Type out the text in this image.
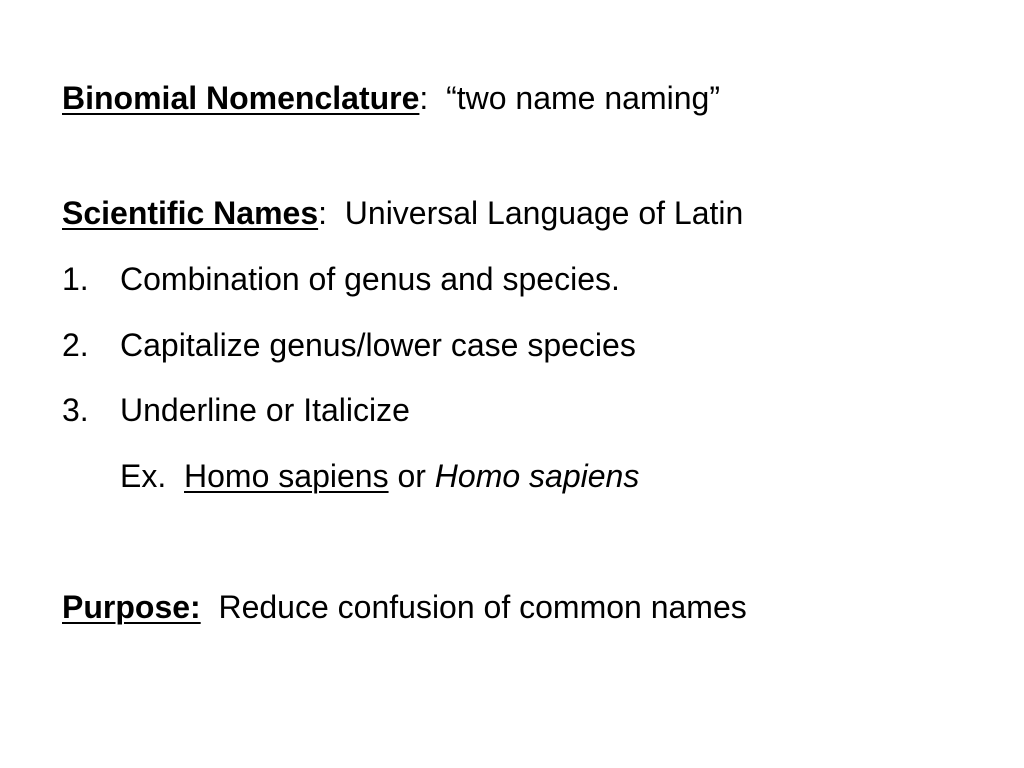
Binomial Nomenclature:  “two name naming”
Scientific Names:  Universal Language of Latin
1. Combination of genus and species.
2. Capitalize genus/lower case species
3. Underline or Italicize
Ex.  Homo sapiens or Homo sapiens
Purpose: Reduce confusion of common names
